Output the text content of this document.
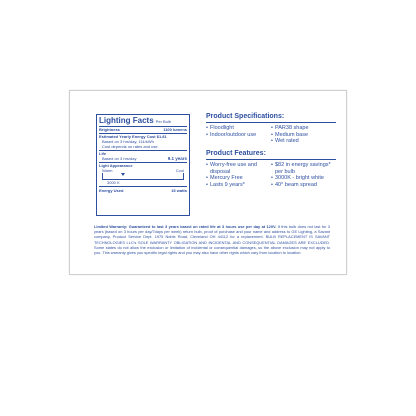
Lighting Facts Per Bulb
Brightness	1100 lumens
Estimated Yearly Energy Cost $1.81
Based on 3 hrs/day, 11¢/kWh
Cost depends on rates and use
Life
Based on 3 hrs/day	9.1 years
Light Appearance
Warm	Cool
3000 K
Energy Used	15 watts
Product Specifications:
• Floodlight
• Indoor/outdoor use
• PAR38 shape
• Medium base
• Wet rated
Product Features:
• Worry-free use and disposal
• Mercury Free
• Lasts 9 years*
• $82 in energy savings* per bulb
• 3000K - bright white
• 40° beam spread
Limited Warranty: Guaranteed to last 3 years based on rated life at 3 hours use per day at 120V. If this bulb does not last for 3 years (based on 3 hours per day/7days per week) return bulb, proof of purchase and your name and address to GE Lighting, a Savant company, Product Service Dept. 1975 Noble Road, Cleveland OH 44112 for a replacement. BULB REPLACEMENT IS SAVANT TECHNOLOGIES LLC's SOLE WARRANTY OBLIGATION AND INCIDENTAL AND CONSEQUENTIAL DAMAGES ARE EXCLUDED. Some states do not allow the exclusion or limitation of incidental or consequential damages, so the above exclusion may not apply to you. This warranty gives you specific legal rights and you may also have other rights which vary from location to location.
